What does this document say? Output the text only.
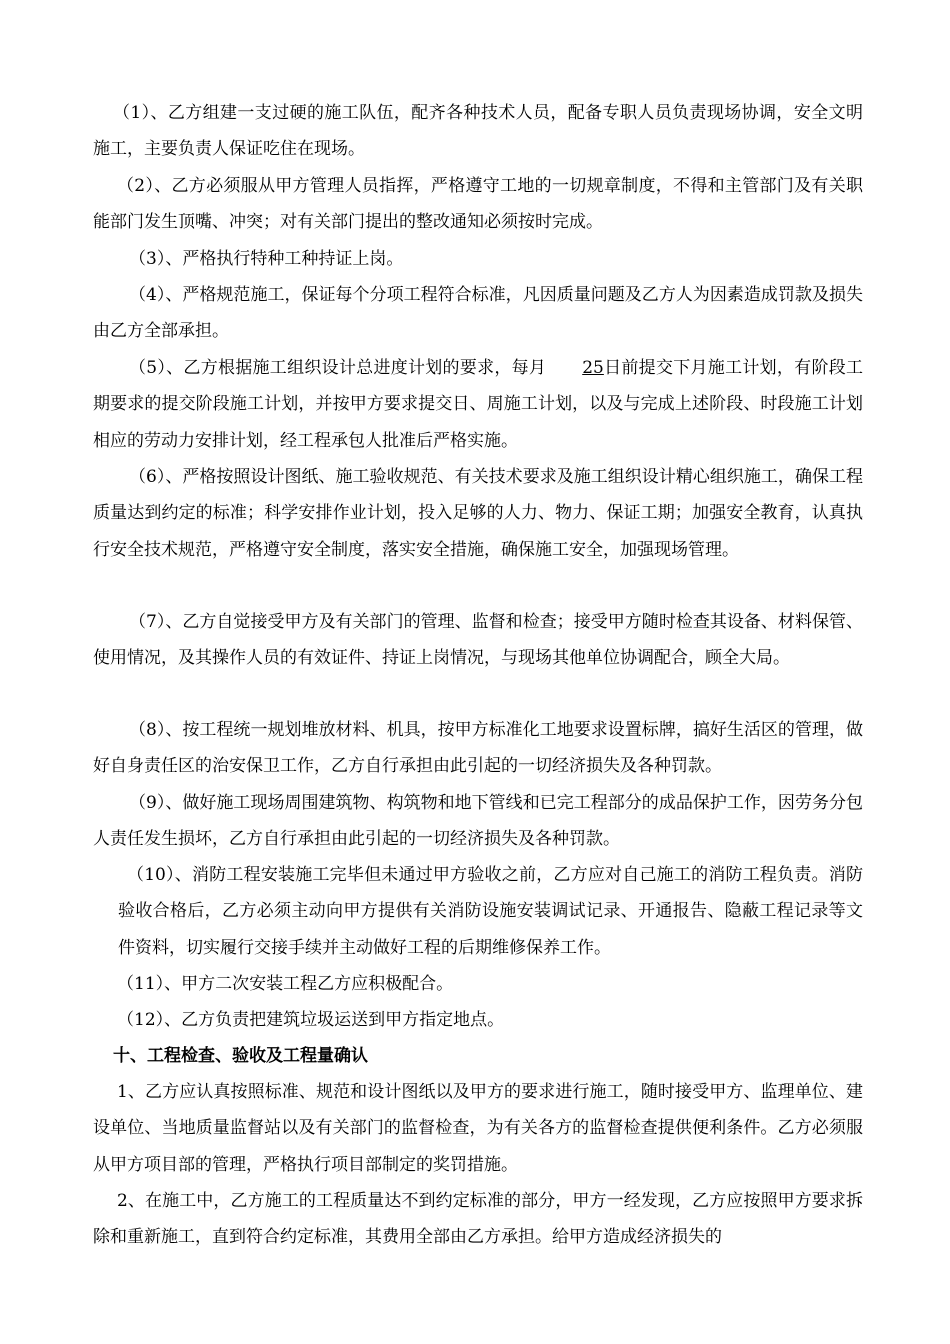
（1）、乙方组建一支过硬的施工队伍，配齐各种技术人员，配备专职人员负责现场协调，安全文明施工，主要负责人保证吃住在现场。

（2）、乙方必须服从甲方管理人员指挥，严格遵守工地的一切规章制度，不得和主管部门及有关职能部门发生顶嘴、冲突；对有关部门提出的整改通知必须按时完成。

（3）、严格执行特种工种持证上岗。

（4）、严格规范施工，保证每个分项工程符合标准，凡因质量问题及乙方人为因素造成罚款及损失由乙方全部承担。

（5）、乙方根据施工组织设计总进度计划的要求，每月 25日前提交下月施工计划，有阶段工期要求的提交阶段施工计划，并按甲方要求提交日、周施工计划，以及与完成上述阶段、时段施工计划相应的劳动力安排计划，经工程承包人批准后严格实施。

（6）、严格按照设计图纸、施工验收规范、有关技术要求及施工组织设计精心组织施工，确保工程质量达到约定的标准；科学安排作业计划，投入足够的人力、物力、保证工期；加强安全教育，认真执行安全技术规范，严格遵守安全制度，落实安全措施，确保施工安全，加强现场管理。

（7）、乙方自觉接受甲方及有关部门的管理、监督和检查；接受甲方随时检查其设备、材料保管、使用情况，及其操作人员的有效证件、持证上岗情况，与现场其他单位协调配合，顾全大局。

（8）、按工程统一规划堆放材料、机具，按甲方标准化工地要求设置标牌，搞好生活区的管理，做好自身责任区的治安保卫工作，乙方自行承担由此引起的一切经济损失及各种罚款。

（9）、做好施工现场周围建筑物、构筑物和地下管线和已完工程部分的成品保护工作，因劳务分包人责任发生损坏，乙方自行承担由此引起的一切经济损失及各种罚款。

（10）、消防工程安装施工完毕但未通过甲方验收之前，乙方应对自己施工的消防工程负责。消防验收合格后，乙方必须主动向甲方提供有关消防设施安装调试记录、开通报告、隐蔽工程记录等文件资料，切实履行交接手续并主动做好工程的后期维修保养工作。

（11）、甲方二次安装工程乙方应积极配合。

（12）、乙方负责把建筑垃圾运送到甲方指定地点。

十、工程检查、验收及工程量确认

1、乙方应认真按照标准、规范和设计图纸以及甲方的要求进行施工，随时接受甲方、监理单位、建设单位、当地质量监督站以及有关部门的监督检查，为有关各方的监督检查提供便利条件。乙方必须服从甲方项目部的管理，严格执行项目部制定的奖罚措施。

2、在施工中，乙方施工的工程质量达不到约定标准的部分，甲方一经发现，乙方应按照甲方要求拆除和重新施工，直到符合约定标准，其费用全部由乙方承担。给甲方造成经济损失的
